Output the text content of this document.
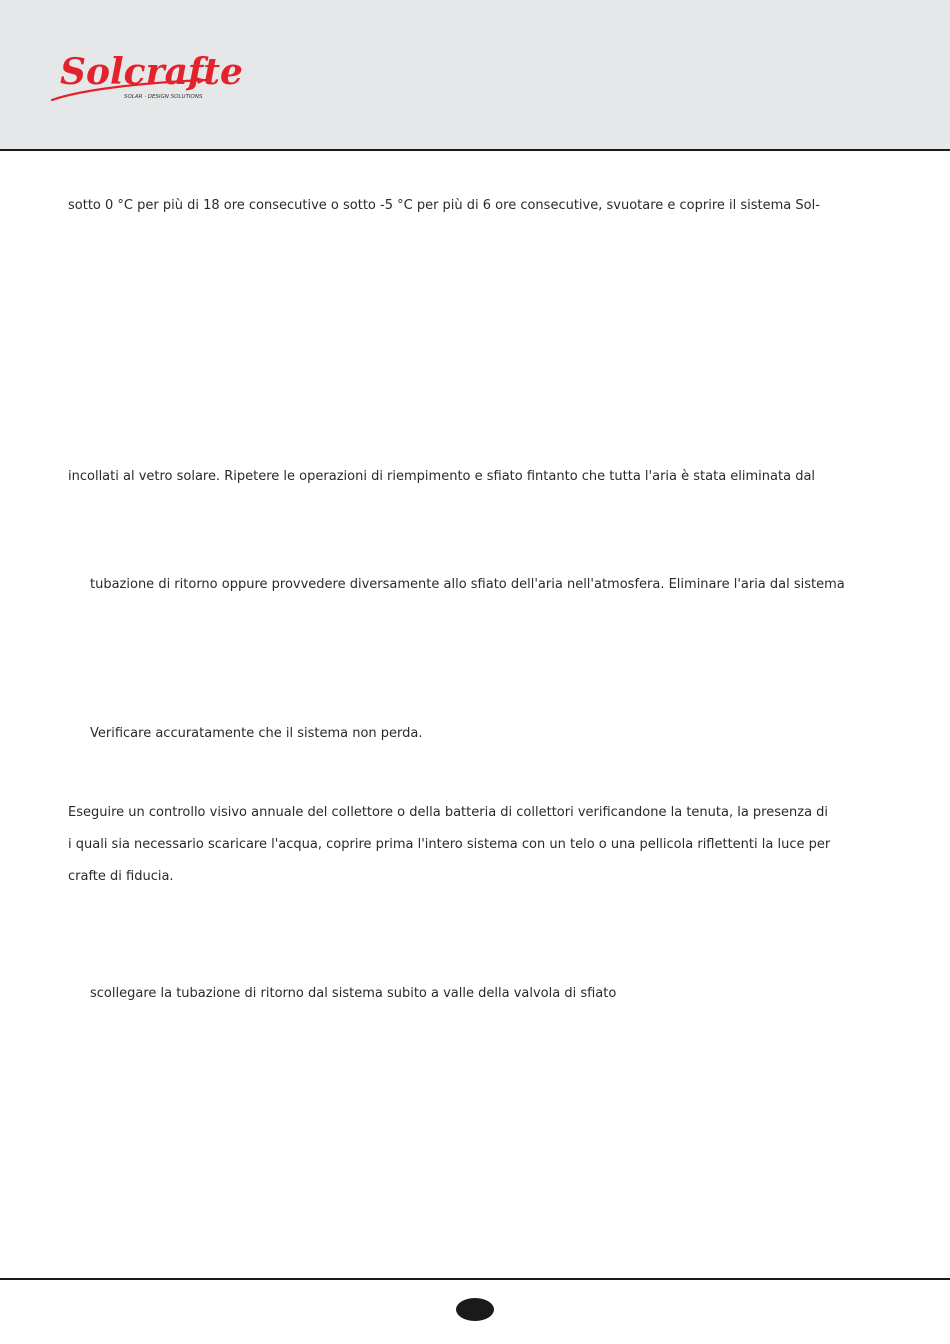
Solcrafte
SOLAR · DESIGN SOLUTIONS

sotto 0 °C per più di 18 ore consecutive o sotto -5 °C per più di 6 ore consecutive, svuotare e coprire il sistema Sol-

incollati al vetro solare. Ripetere le operazioni di riempimento e sfiato fintanto che tutta l'aria è stata eliminata dal

tubazione di ritorno oppure provvedere diversamente allo sfiato dell'aria nell'atmosfera. Eliminare l'aria dal sistema

Verificare accuratamente che il sistema non perda.

Eseguire un controllo visivo annuale del collettore o della batteria di collettori verificandone la tenuta, la presenza di

i quali sia necessario scaricare l'acqua, coprire prima l'intero sistema con un telo o una pellicola riflettenti la luce per

crafte di fiducia.

scollegare la tubazione di ritorno dal sistema subito a valle della valvola di sfiato
